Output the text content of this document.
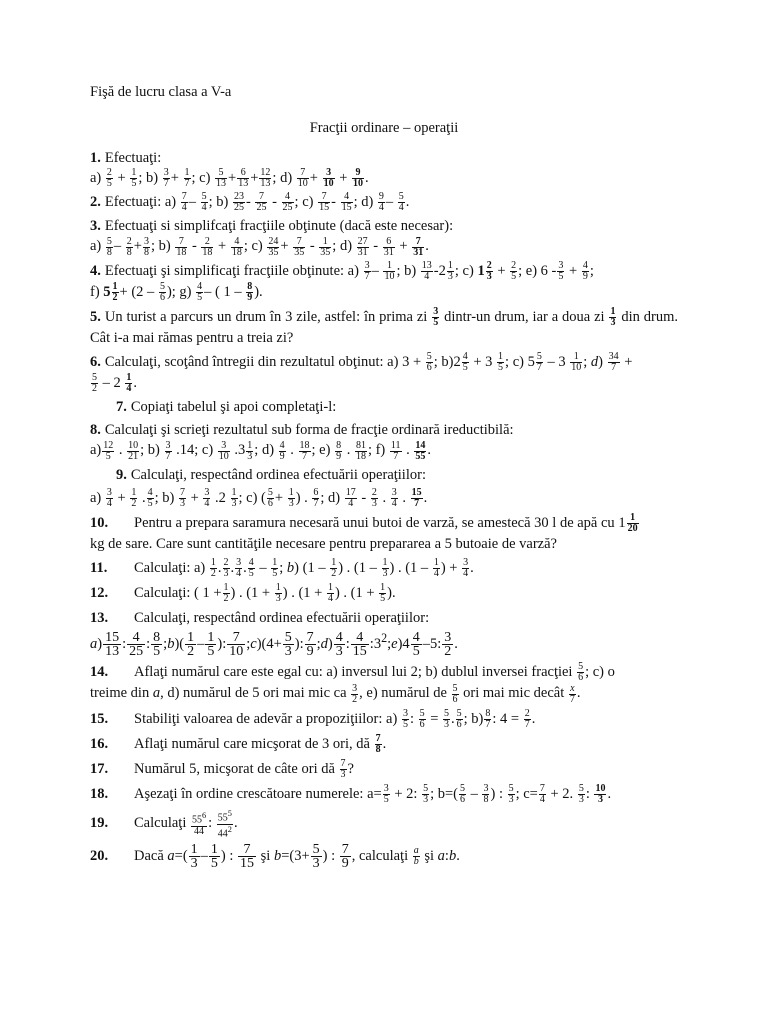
Fişă de lucru clasa a V-a
Fracţii ordinare – operaţii
1. Efectuaţi:
$a) \frac{2}{5} + \frac{1}{5}$ ; $b) \frac{3}{7} + \frac{1}{7}$ ; $c) \frac{5}{13} + \frac{6}{13} + \frac{12}{13}$ ; $d) \frac{7}{10} + \frac{3}{10} + \frac{9}{10}$ .
2. Efectuaţi: $a) \frac{7}{4} - \frac{5}{4}$ ; $b) \frac{23}{25} - \frac{7}{25} - \frac{4}{25}$ ; $c) \frac{7}{15} - \frac{4}{15}$ ; $d) \frac{9}{4} - \frac{5}{4}$ .
3. Efectuaţi si simplifcaţi fracţiile obţinute (dacă este necesar):
$a) \frac{5}{8} - \frac{2}{8} + \frac{3}{8}$ ; $b) \frac{7}{18} - \frac{2}{18} + \frac{4}{18}$ ; $c) \frac{24}{35} + \frac{7}{35} - \frac{1}{35}$ ; $d) \frac{27}{31} - \frac{6}{31} + \frac{7}{31}$ .
4. Efectuaţi şi simplificaţi fracţiile obţinute: $a) \frac{3}{7} - \frac{1}{10}$ ; $b) \frac{13}{4} -2 \frac{1}{3}$ ; c) $1 \frac{2}{3} + \frac{2}{5}$ ; e) $6 - \frac{3}{5} + \frac{4}{9}$ ;
f) $5 \frac{1}{2} + (2 - \frac{5}{6}$ ); $g) \frac{4}{5}$ – ( $1 - \frac{8}{9}$ ).
5. Un turist a parcurs un drum în 3 zile, astfel: în prima zi $\frac{3}{5}$ dintr-un drum, iar a doua zi $\frac{1}{3}$ din drum. Cât i-a mai rămas pentru a treia zi?
6. Calculaţi, scoţând întregii din rezultatul obţinut: a) $3 + \frac{5}{6}$ ; $b)2 \frac{4}{5} + 3 \frac{1}{5}$ ; c) $5 \frac{5}{7} - 3 \frac{1}{10}$ ; $d) \frac{34}{7}$ +

$\frac{5}{2} - 2 \frac{1}{4}$ .
7. Copiaţi tabelul şi apoi completaţi-l:
8. Calculaţi şi scrieţi rezultatul sub forma de fracţie ordinară ireductibilă:
$a) \frac{12}{5}$ . $\frac{10}{21}$ ; $b) \frac{3}{7} .14$; $c) \frac{3}{10} .3 \frac{1}{3}$ ; $d) \frac{4}{9}$ . $\frac{18}{7}$ ; $e) \frac{8}{9}$ . $\frac{81}{18}$ ; $f) \frac{11}{7}$ . $\frac{14}{55}$ .
9. Calculaţi, respectând ordinea efectuării operaţiilor:
$a) \frac{3}{4} + \frac{1}{2}$ . $\frac{4}{5}$ ; $b) \frac{7}{3} + \frac{3}{4} .2 \frac{1}{3}$ ; c) ( $\frac{5}{6} + \frac{1}{3}$ ) . $\frac{6}{7}$ ; $d) \frac{17}{4} - \frac{2}{3}$ . $\frac{3}{4}$ . $\frac{15}{7}$ .
10. Pentru a prepara saramura necesară unui butoi de varză, se amestecă 30 l de apă cu $1 \frac{1}{20}$

kg de sare. Care sunt cantităţile necesare pentru prepararea a 5 butoaie de varză?
11. Calculaţi: $a) \frac{1}{2}$ . $\frac{2}{3}$ . $\frac{3}{4}$ . $\frac{4}{5} - \frac{1}{5}$ ; b) ($1 - \frac{1}{2}$ ) . ($1 - \frac{1}{3}$ ) . ($1 - \frac{1}{4}$ ) + $\frac{3}{4}$ .
12. Calculaţi: ( $1 + \frac{1}{2}$ ) . ($1 + \frac{1}{3}$ ) . ($1 + \frac{1}{4}$ ) . ($1 + \frac{1}{5}$ ).
13. Calculaţi, respectând ordinea efectuării operaţiilor:
$a) \frac{15}{13}$ : $\frac{4}{25}$ : $\frac{8}{5}$ ;b)( $\frac{1}{2} - \frac{1}{5}$ ): $\frac{7}{10}$ ;c)(4+ $\frac{5}{3}$ ): $\frac{7}{9}$ ;d) $\frac{4}{3}$ : $\frac{4}{15}$ $:3^2;e)4 \frac{4}{5} -5$: $\frac{3}{2}$ .
14. Aflaţi numărul care este egal cu: a) inversul lui 2; b) dublul inversei fracţiei $\frac{5}{6}$ ; c) o
treime din a, d) numărul de 5 ori mai mic ca $\frac{3}{2}$ , e) numărul de $\frac{5}{6}$ ori mai mic decât $\frac{x}{7}$ .
15. Stabiliţi valoarea de adevăr a propoziţiilor: $a) \frac{3}{5}$ : $\frac{5}{6} = \frac{5}{3}$ . $\frac{5}{6}$ ; $b) \frac{8}{7}$ : $4 = \frac{2}{7}$ .
16. Aflaţi numărul care micşorat de 3 ori, dă $\frac{7}{8}$ .
17. Numărul 5, micşorat de câte ori dă $\frac{7}{3}$ ?
18. Aşezaţi în ordine crescătoare numerele: $a= \frac{3}{5} + 2$: $\frac{5}{3}$ ; $b=( \frac{5}{6} - \frac{3}{8}$ ) : $\frac{5}{3}$ ; $c= \frac{7}{4} + 2$. $\frac{5}{3}$ : $\frac{10}{3}$ .
19. Calculaţi $\frac{55^6}{44}$ : $\frac{55^5}{44^2}$ .
20. Dacă $a=( \frac{1}{3} - \frac{1}{5}$ ) : $\frac{7}{15}$ şi $b=(3+ \frac{5}{3}$ ) : $\frac{7}{9}$ , calculaţi $\frac{a}{b}$ şi a:b.
